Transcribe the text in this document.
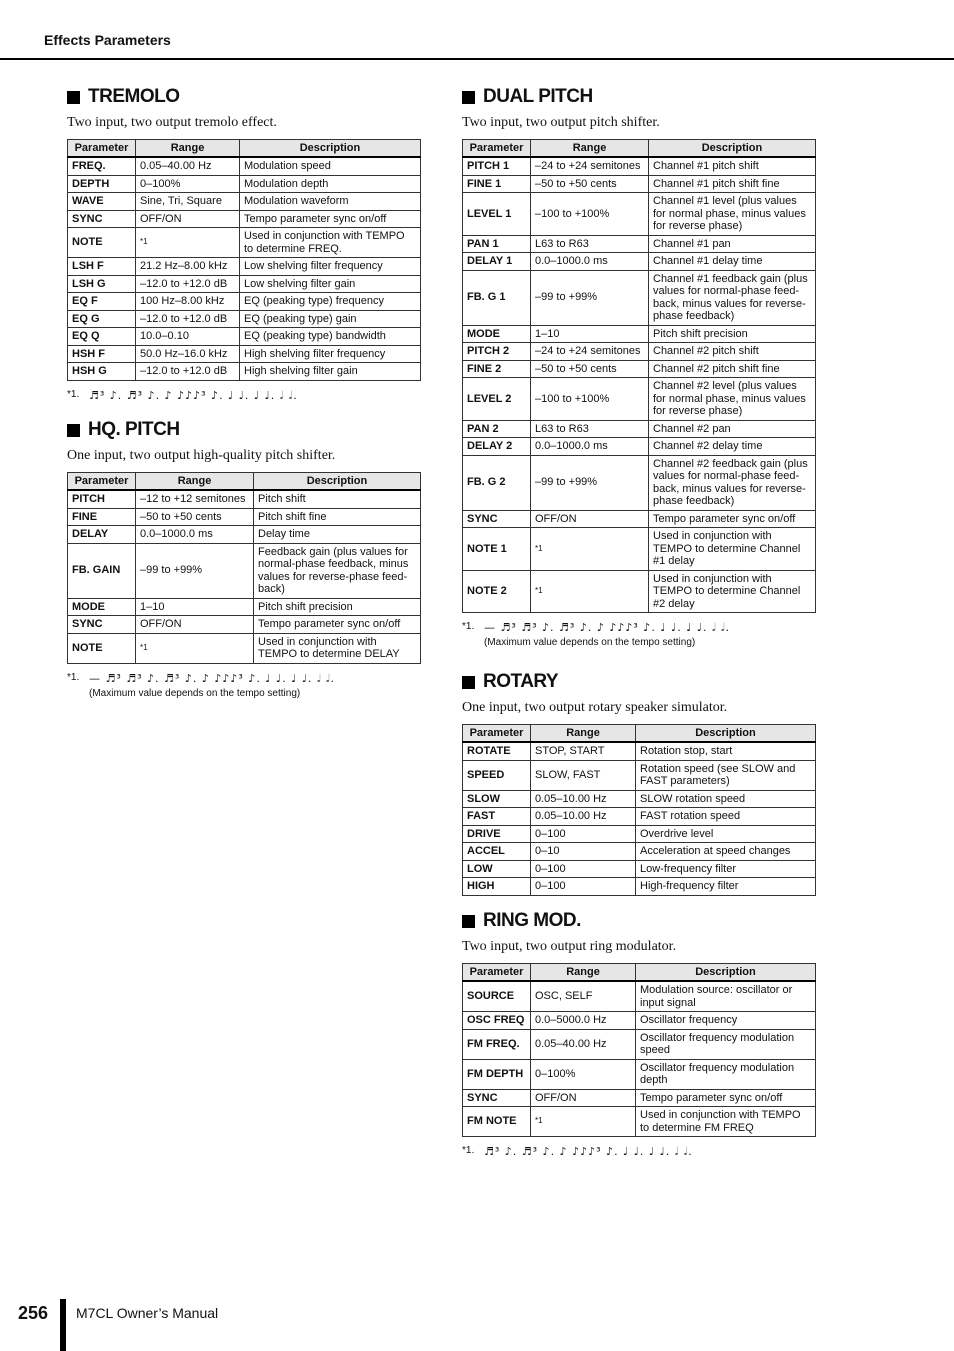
Effects Parameters
TREMOLO
Two input, two output tremolo effect.
Parameter	Range	Description
FREQ.	0.05–40.00 Hz	Modulation speed
DEPTH	0–100%	Modulation depth
WAVE	Sine, Tri, Square	Modulation waveform
SYNC	OFF/ON	Tempo parameter sync on/off
NOTE	*1	Used in conjunction with TEMPO to determine FREQ.
LSH F	21.2 Hz–8.00 kHz	Low shelving filter frequency
LSH G	–12.0 to +12.0 dB	Low shelving filter gain
EQ F	100 Hz–8.00 kHz	EQ (peaking type) frequency
EQ G	–12.0 to +12.0 dB	EQ (peaking type) gain
EQ Q	10.0–0.10	EQ (peaking type) bandwidth
HSH F	50.0 Hz–16.0 kHz	High shelving filter frequency
HSH G	–12.0 to +12.0 dB	High shelving filter gain
*1. ♬³ ♪. ♬³ ♪. ♪ ♪♪♪³ ♪. ♩ ♩. ♩ ♩. 𝅗𝅥 𝅗𝅥.
HQ. PITCH
One input, two output high-quality pitch shifter.
Parameter	Range	Description
PITCH	–12 to +12 semitones	Pitch shift
FINE	–50 to +50 cents	Pitch shift fine
DELAY	0.0–1000.0 ms	Delay time
FB. GAIN	–99 to +99%	Feedback gain (plus values for normal-phase feedback, minus values for reverse-phase feed-back)
MODE	1–10	Pitch shift precision
SYNC	OFF/ON	Tempo parameter sync on/off
NOTE	*1	Used in conjunction with TEMPO to determine DELAY
*1. — ♬³ ♬³ ♪. ♬³ ♪. ♪ ♪♪♪³ ♪. ♩ ♩. ♩ ♩. 𝅗𝅥 𝅗𝅥.
(Maximum value depends on the tempo setting)
DUAL PITCH
Two input, two output pitch shifter.
Parameter	Range	Description
PITCH 1	–24 to +24 semitones	Channel #1 pitch shift
FINE 1	–50 to +50 cents	Channel #1 pitch shift fine
LEVEL 1	–100 to +100%	Channel #1 level (plus values for normal phase, minus values for reverse phase)
PAN 1	L63 to R63	Channel #1 pan
DELAY 1	0.0–1000.0 ms	Channel #1 delay time
FB. G 1	–99 to +99%	Channel #1 feedback gain (plus values for normal-phase feed-back, minus values for reverse-phase feedback)
MODE	1–10	Pitch shift precision
PITCH 2	–24 to +24 semitones	Channel #2 pitch shift
FINE 2	–50 to +50 cents	Channel #2 pitch shift fine
LEVEL 2	–100 to +100%	Channel #2 level (plus values for normal phase, minus values for reverse phase)
PAN 2	L63 to R63	Channel #2 pan
DELAY 2	0.0–1000.0 ms	Channel #2 delay time
FB. G 2	–99 to +99%	Channel #2 feedback gain (plus values for normal-phase feed-back, minus values for reverse-phase feedback)
SYNC	OFF/ON	Tempo parameter sync on/off
NOTE 1	*1	Used in conjunction with TEMPO to determine Channel #1 delay
NOTE 2	*1	Used in conjunction with TEMPO to determine Channel #2 delay
*1. — ♬³ ♬³ ♪. ♬³ ♪. ♪ ♪♪♪³ ♪. ♩ ♩. ♩ ♩. 𝅗𝅥 𝅗𝅥.
(Maximum value depends on the tempo setting)
ROTARY
One input, two output rotary speaker simulator.
Parameter	Range	Description
ROTATE	STOP, START	Rotation stop, start
SPEED	SLOW, FAST	Rotation speed (see SLOW and FAST parameters)
SLOW	0.05–10.00 Hz	SLOW rotation speed
FAST	0.05–10.00 Hz	FAST rotation speed
DRIVE	0–100	Overdrive level
ACCEL	0–10	Acceleration at speed changes
LOW	0–100	Low-frequency filter
HIGH	0–100	High-frequency filter
RING MOD.
Two input, two output ring modulator.
Parameter	Range	Description
SOURCE	OSC, SELF	Modulation source: oscillator or input signal
OSC FREQ	0.0–5000.0 Hz	Oscillator frequency
FM FREQ.	0.05–40.00 Hz	Oscillator frequency modulation speed
FM DEPTH	0–100%	Oscillator frequency modulation depth
SYNC	OFF/ON	Tempo parameter sync on/off
FM NOTE	*1	Used in conjunction with TEMPO to determine FM FREQ
*1. ♬³ ♪. ♬³ ♪. ♪ ♪♪♪³ ♪. ♩ ♩. ♩ ♩. 𝅗𝅥 𝅗𝅥.
256 M7CL Owner’s Manual
